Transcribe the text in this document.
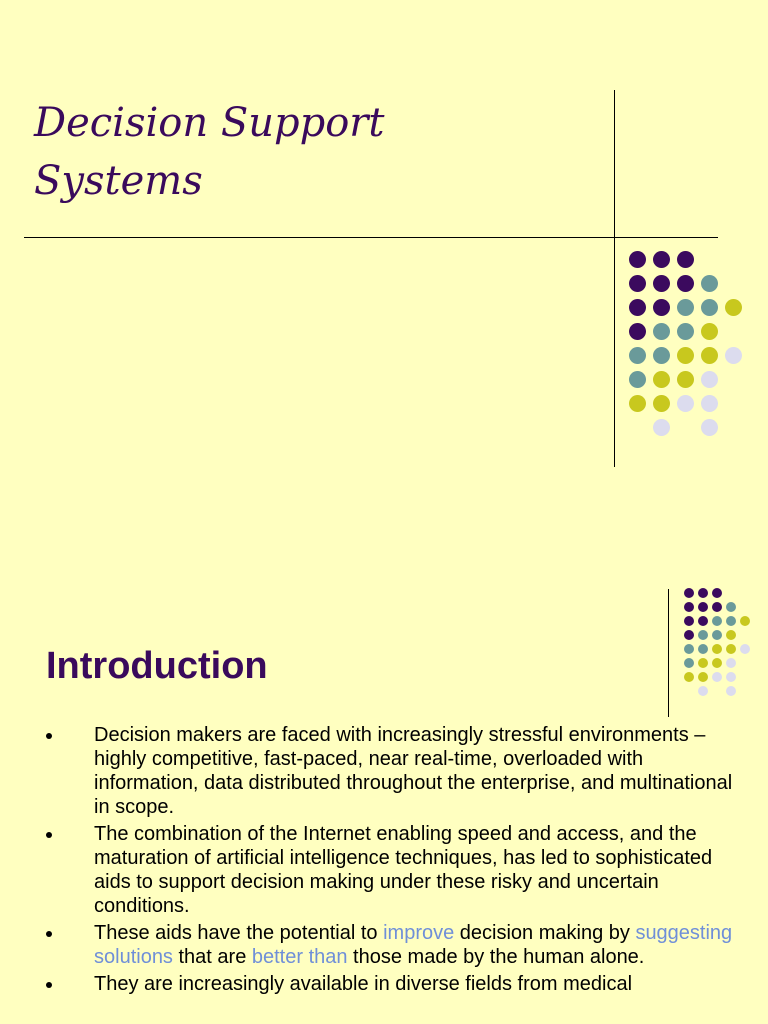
Decision Support
Systems
Introduction
Decision makers are faced with increasingly stressful environments – highly competitive, fast-paced, near real-time, overloaded with information, data distributed throughout the enterprise, and multinational in scope.
The combination of the Internet enabling speed and access, and the maturation of artificial intelligence techniques, has led to sophisticated aids to support decision making under these risky and uncertain conditions.
These aids have the potential to improve decision making by suggesting solutions that are better than those made by the human alone.
They are increasingly available in diverse fields from medical
